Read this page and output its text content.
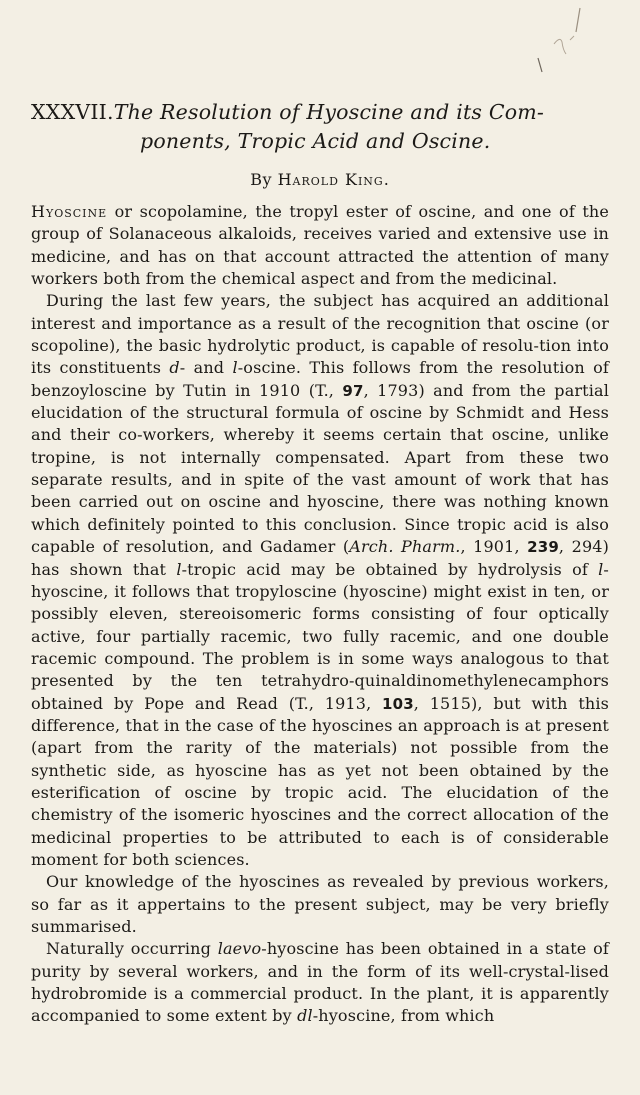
XXXVII.The Resolution of Hyoscine and its Com-
ponents, Tropic Acid and Oscine.
By Harold King.

Hyoscine or scopolamine, the tropyl ester of oscine, and one of the group of Solanaceous alkaloids, receives varied and extensive use in medicine, and has on that account attracted the attention of many workers both from the chemical aspect and from the medicinal.

During the last few years, the subject has acquired an additional interest and importance as a result of the recognition that oscine (or scopoline), the basic hydrolytic product, is capable of resolu-tion into its constituents d- and l-oscine. This follows from the resolution of benzoyloscine by Tutin in 1910 (T., 97, 1793) and from the partial elucidation of the structural formula of oscine by Schmidt and Hess and their co-workers, whereby it seems certain that oscine, unlike tropine, is not internally compensated. Apart from these two separate results, and in spite of the vast amount of work that has been carried out on oscine and hyoscine, there was nothing known which definitely pointed to this conclusion. Since tropic acid is also capable of resolution, and Gadamer (Arch. Pharm., 1901, 239, 294) has shown that l-tropic acid may be obtained by hydrolysis of l-hyoscine, it follows that tropyloscine (hyoscine) might exist in ten, or possibly eleven, stereoisomeric forms consisting of four optically active, four partially racemic, two fully racemic, and one double racemic compound. The problem is in some ways analogous to that presented by the ten tetrahydro-quinaldinomethylenecamphors obtained by Pope and Read (T., 1913, 103, 1515), but with this difference, that in the case of the hyoscines an approach is at present (apart from the rarity of the materials) not possible from the synthetic side, as hyoscine has as yet not been obtained by the esterification of oscine by tropic acid. The elucidation of the chemistry of the isomeric hyoscines and the correct allocation of the medicinal properties to be attributed to each is of considerable moment for both sciences.

Our knowledge of the hyoscines as revealed by previous workers, so far as it appertains to the present subject, may be very briefly summarised.

Naturally occurring laevo-hyoscine has been obtained in a state of purity by several workers, and in the form of its well-crystal-lised hydrobromide is a commercial product. In the plant, it is apparently accompanied to some extent by dl-hyoscine, from which
